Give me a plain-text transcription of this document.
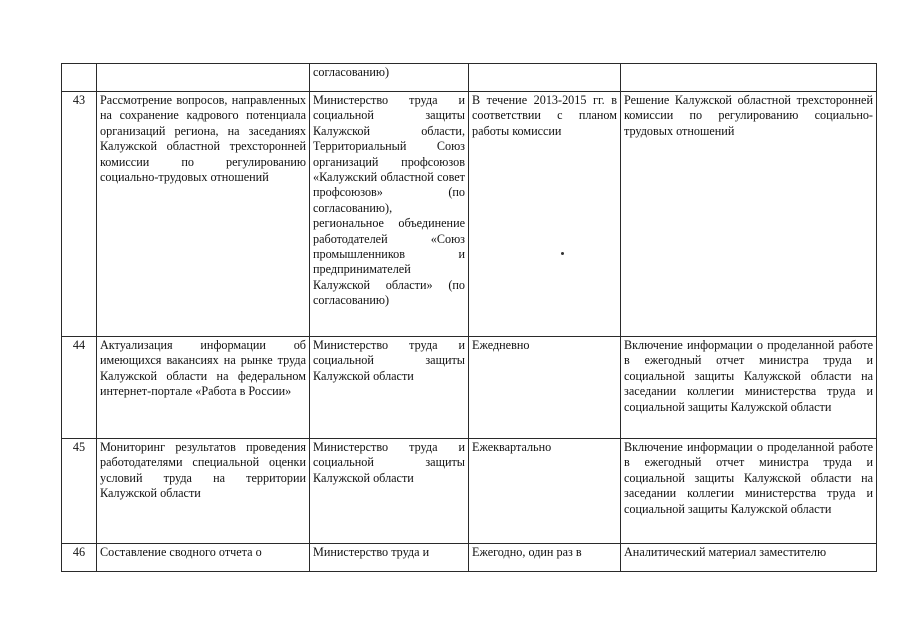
		согласованию)		
43	Рассмотрение вопросов, направленных на сохранение кадрового потенциала организаций региона, на заседаниях Калужской областной трехсторонней комиссии по регулированию социально-трудовых отношений	Министерство труда и социальной защиты Калужской области, Территориальный Союз организаций профсоюзов «Калужский областной совет профсоюзов» (по согласованию), региональное объединение работодателей «Союз промышленников и предпринимателей Калужской области» (по согласованию)	В течение 2013-2015 гг. в соответствии с планом работы комиссии	Решение Калужской областной трехсторонней комиссии по регулированию социально-трудовых отношений
44	Актуализация информации об имеющихся вакансиях на рынке труда Калужской области на федеральном интернет-портале «Работа в России»	Министерство труда и социальной защиты Калужской области	Ежедневно	Включение информации о проделанной работе в ежегодный отчет министра труда и социальной защиты Калужской области на заседании коллегии министерства труда и социальной защиты Калужской области
45	Мониторинг результатов проведения работодателями специальной оценки условий труда на территории Калужской области	Министерство труда и социальной защиты Калужской области	Ежеквартально	Включение информации о проделанной работе в ежегодный отчет министра труда и социальной защиты Калужской области на заседании коллегии министерства труда и социальной защиты Калужской области
46	Составление сводного отчета о	Министерство труда и	Ежегодно, один раз в	Аналитический материал заместителю
